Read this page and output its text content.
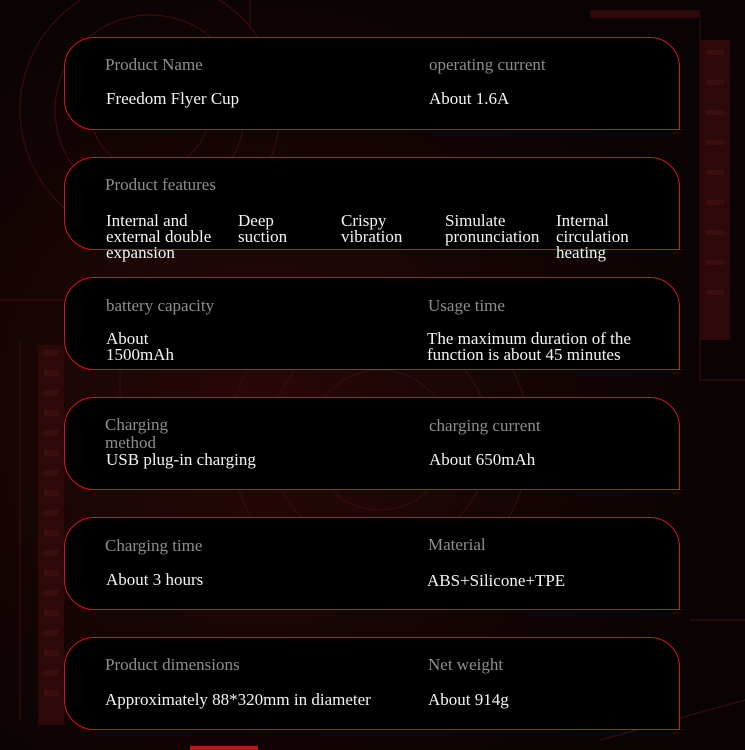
Product Name
Freedom Flyer Cup
operating current
About 1.6A
Product features
Internal and external double expansion
Deep suction
Crispy vibration
Simulate pronunciation
Internal circulation heating
battery capacity
About 1500mAh
Usage time
The maximum duration of the function is about 45 minutes
Charging method
USB plug-in charging
charging current
About 650mAh
Charging time
About 3 hours
Material
ABS+Silicone+TPE
Product dimensions
Approximately 88*320mm in diameter
Net weight
About 914g
